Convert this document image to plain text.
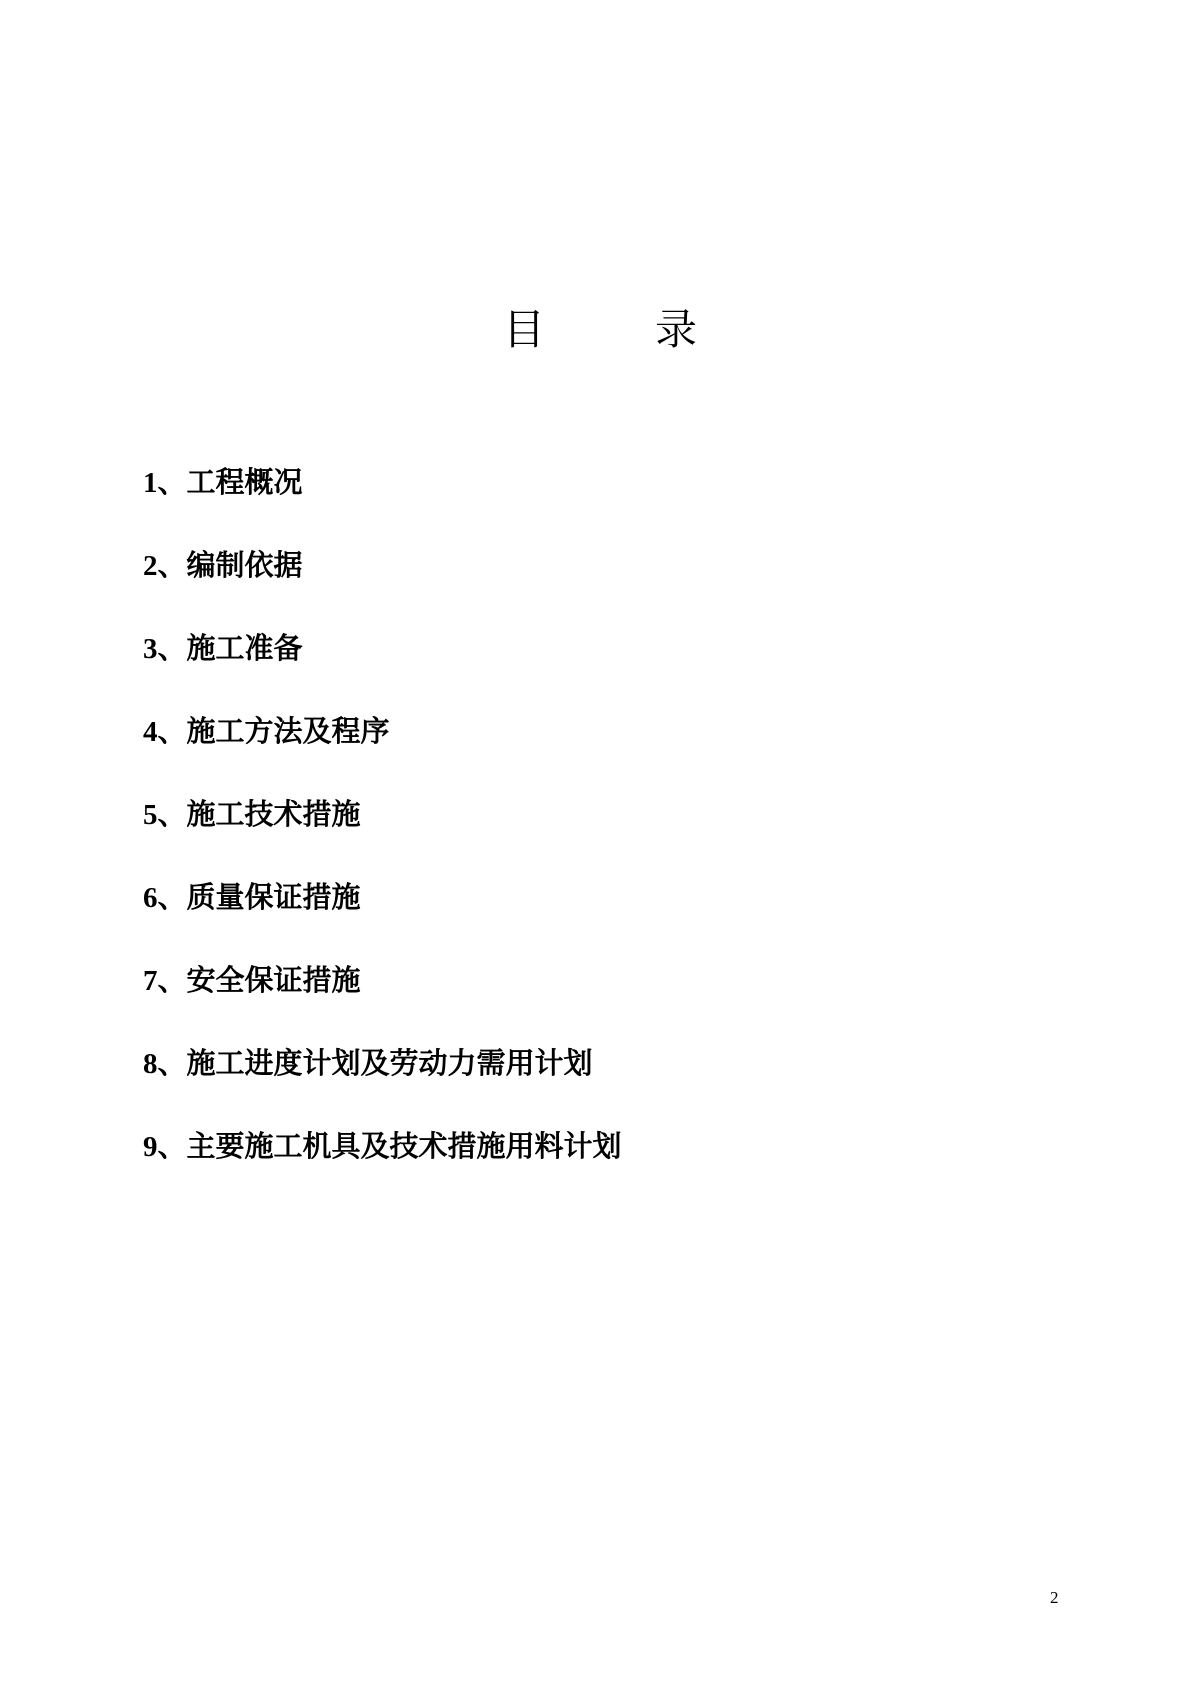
目	录
1、工程概况
2、编制依据
3、施工准备
4、施工方法及程序
5、施工技术措施
6、质量保证措施
7、安全保证措施
8、施工进度计划及劳动力需用计划
9、主要施工机具及技术措施用料计划
2
